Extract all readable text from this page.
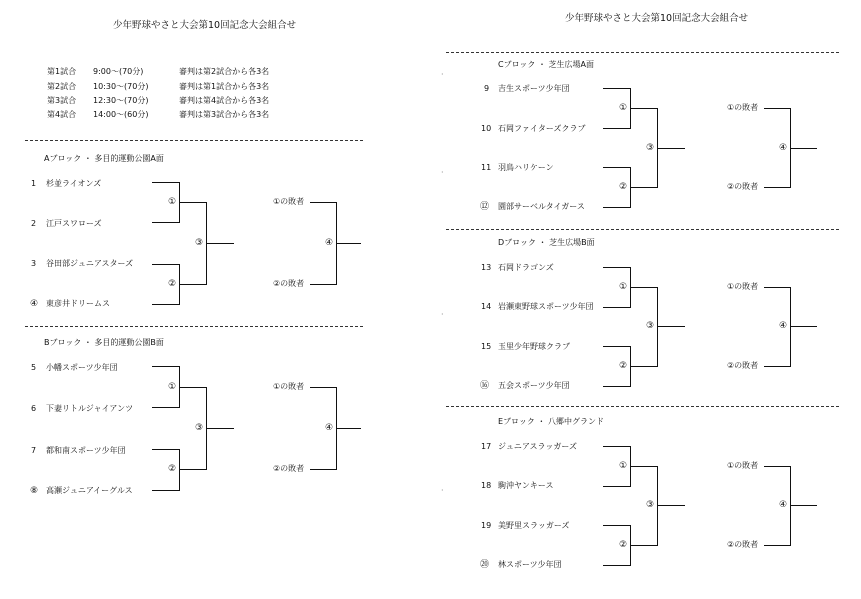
少年野球やさと大会第10回記念大会組合せ
第1試合 9:00～(70分)	審判は第2試合から各3名
第2試合 10:30～(70分)	審判は第1試合から各3名
第3試合 12:30～(70分)	審判は第4試合から各3名
第4試合 14:00～(60分)	審判は第3試合から各3名
Aブロック ・ 多目的運動公園A面
1 杉並ライオンズ
2 江戸スワローズ
3 谷田部ジュニアスターズ
④ 東彦井ドリームス
①
②
③
①の敗者
②の敗者
④
Bブロック ・ 多目的運動公園B面
5 小幡スポーツ少年団
6 下妻リトルジャイアンツ
7 都和南スポーツ少年団
⑧ 高瀬ジュニアイーグルス
①
②
③
①の敗者
②の敗者
④
少年野球やさと大会第10回記念大会組合せ
Cブロック ・ 芝生広場A面
9 吉生スポーツ少年団
10 石岡ファイターズクラブ
11 羽鳥ハリケーン
⑫ 園部サーベルタイガース
①
②
③
①の敗者
②の敗者
④
Dブロック ・ 芝生広場B面
13 石岡ドラゴンズ
14 岩瀬東野球スポーツ少年団
15 玉里少年野球クラブ
⑯ 五会スポーツ少年団
①
②
③
①の敗者
②の敗者
④
Eブロック ・ 八郷中グランド
17 ジュニアスラッガーズ
18 駒沖ヤンキース
19 美野里スラッガーズ
⑳ 林スポーツ少年団
①
②
③
①の敗者
②の敗者
④
·
·
·
·
